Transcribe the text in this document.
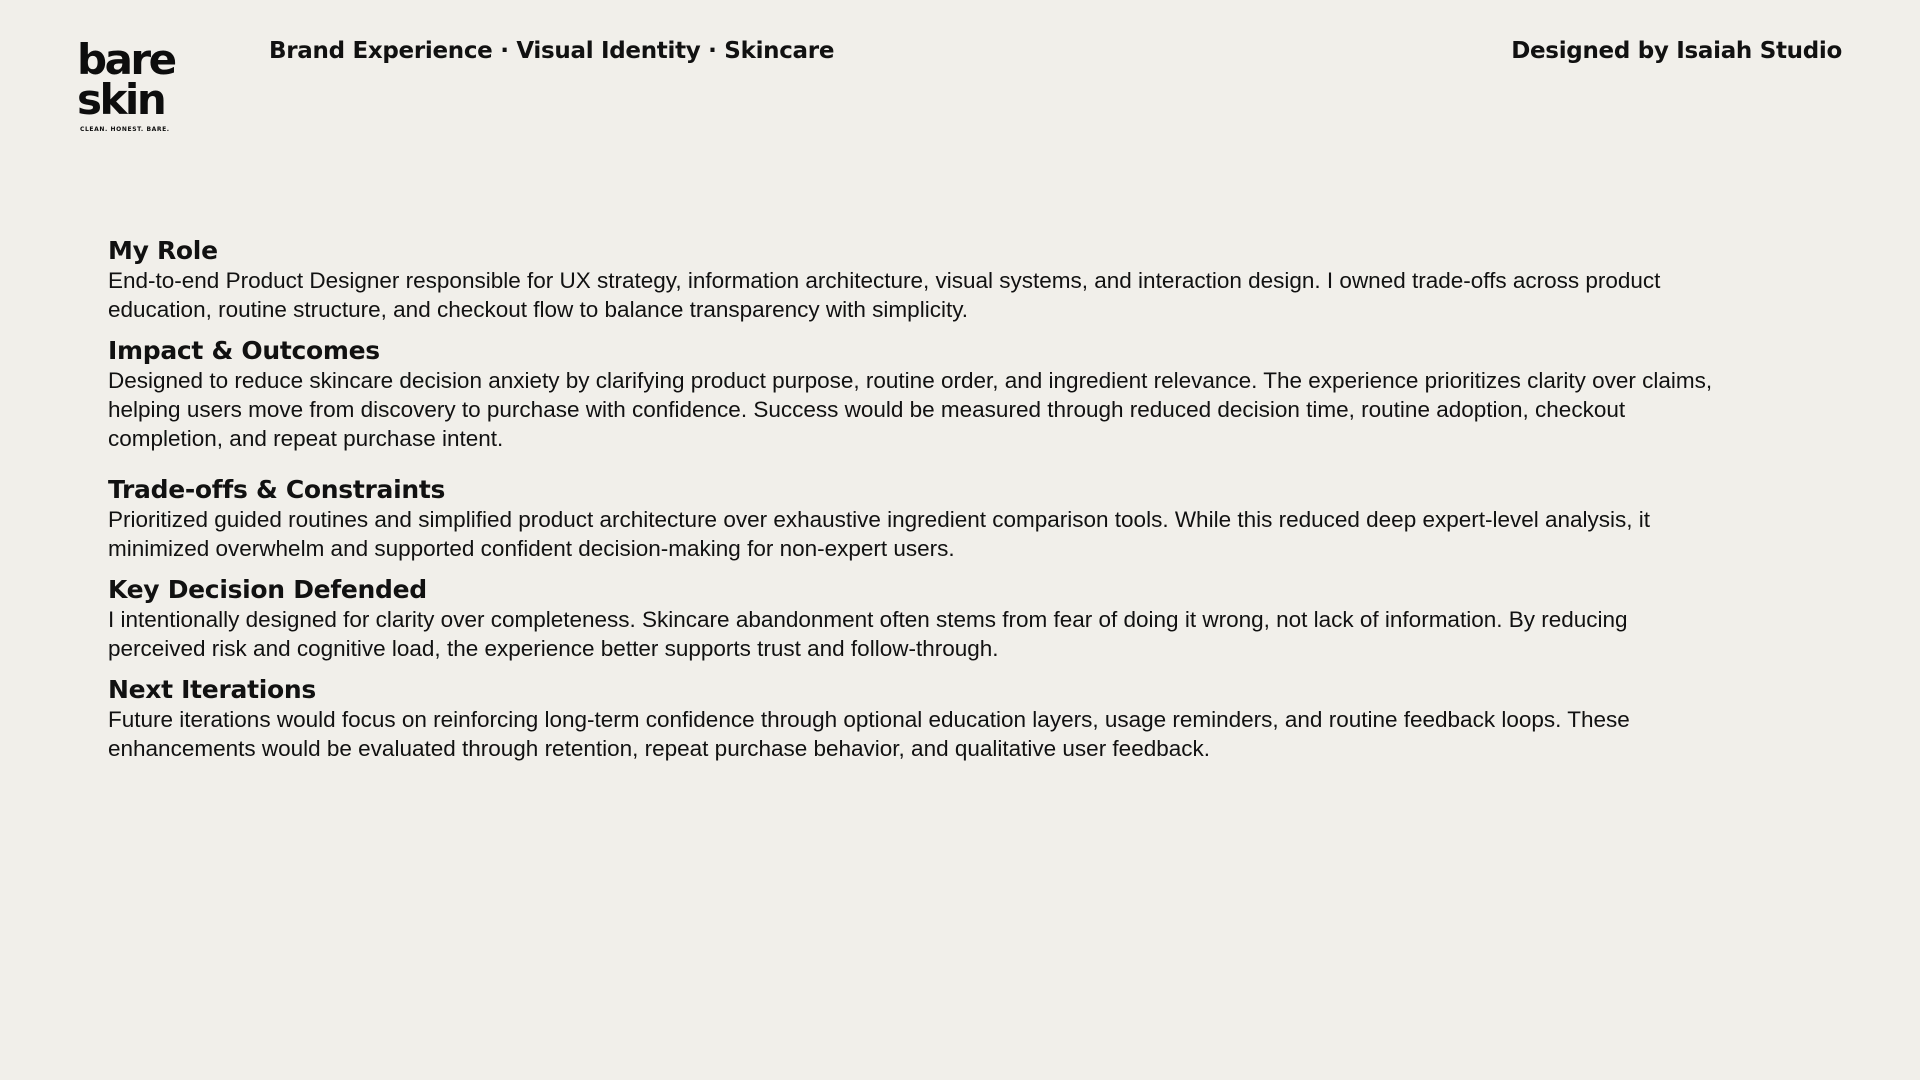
bare
skin
CLEAN. HONEST. BARE.
Brand Experience · Visual Identity · Skincare	Designed by Isaiah Studio
My Role

End-to-end Product Designer responsible for UX strategy, information architecture, visual systems, and interaction design. I owned trade-offs across product education, routine structure, and checkout flow to balance transparency with simplicity.

Impact & Outcomes

Designed to reduce skincare decision anxiety by clarifying product purpose, routine order, and ingredient relevance. The experience prioritizes clarity over claims, helping users move from discovery to purchase with confidence. Success would be measured through reduced decision time, routine adoption, checkout completion, and repeat purchase intent.

Trade-offs & Constraints

Prioritized guided routines and simplified product architecture over exhaustive ingredient comparison tools. While this reduced deep expert-level analysis, it minimized overwhelm and supported confident decision-making for non-expert users.

Key Decision Defended

I intentionally designed for clarity over completeness. Skincare abandonment often stems from fear of doing it wrong, not lack of information. By reducing perceived risk and cognitive load, the experience better supports trust and follow-through.

Next Iterations

Future iterations would focus on reinforcing long-term confidence through optional education layers, usage reminders, and routine feedback loops. These enhancements would be evaluated through retention, repeat purchase behavior, and qualitative user feedback.
